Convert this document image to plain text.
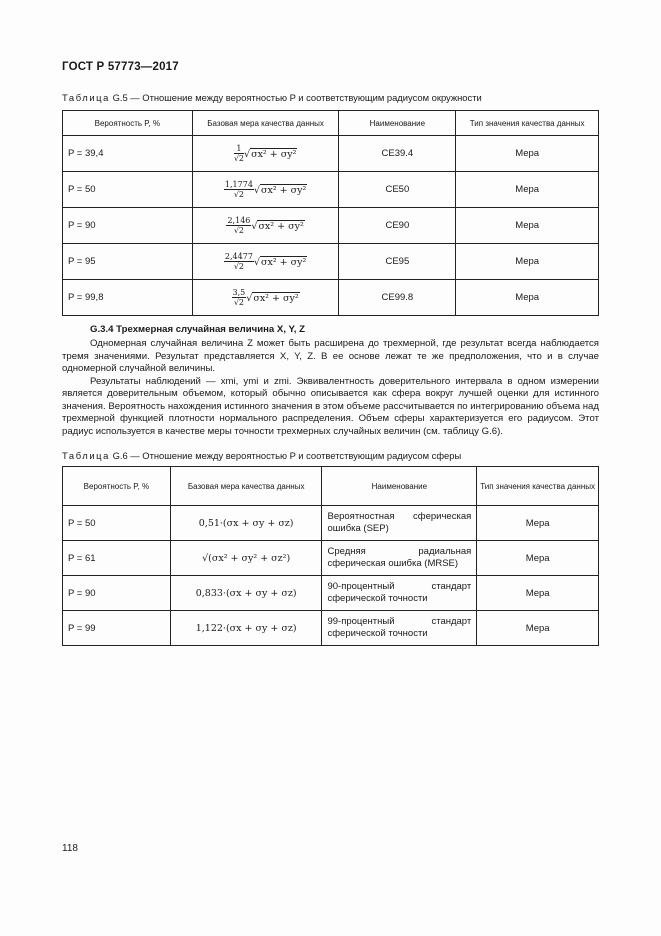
ГОСТ Р 57773—2017
Таблица G.5 — Отношение между вероятностью P и соответствующим радиусом окружности
Вероятность P, %	Базовая мера качества данных	Наименование	Тип значения качества данных
P = 39,4	$\frac{1}{√2} √\sigma x^2 + \sigma y^2$	CE39.4	Мера
P = 50	$\frac{1,1774}{√2} √\sigma x^2 + \sigma y^2$	CE50	Мера
P = 90	$\frac{2,146}{√2} √\sigma x^2 + \sigma y^2$	CE90	Мера
P = 95	$\frac{2,4477}{√2} √\sigma x^2 + \sigma y^2$	CE95	Мера
P = 99,8	$\frac{3,5}{√2} √\sigma x^2 + \sigma y^2$	CE99.8	Мера
G.3.4 Трехмерная случайная величина X, Y, Z

Одномерная случайная величина Z может быть расширена до трехмерной, где результат всегда наблюдается тремя значениями. Результат представляется X, Y, Z. В ее основе лежат те же предположения, что и в случае одномерной случайной величины.

Результаты наблюдений — xmi, ymi и zmi. Эквивалентность доверительного интервала в одном измерении является доверительным объемом, который обычно описывается как сфера вокруг лучшей оценки для истинного значения. Вероятность нахождения истинного значения в этом объеме рассчитывается по интегрированию объема над трехмерной функцией плотности нормального распределения. Объем сферы характеризуется его радиусом. Этот радиус используется в качестве меры точности трехмерных случайных величин (см. таблицу G.6).

Таблица G.6 — Отношение между вероятностью P и соответствующим радиусом сферы
Вероятность P, %	Базовая мера качества данных	Наименование	Тип значения качества данных
P = 50	0,51·(σx + σy + σz)	Вероятностная сферическая ошибка (SEP)	Мера
P = 61	√(σx² + σy² + σz²)	Средняя радиальная сферическая ошибка (MRSE)	Мера
P = 90	0,833·(σx + σy + σz)	90-процентный стандарт сферической точности	Мера
P = 99	1,122·(σx + σy + σz)	99-процентный стандарт сферической точности	Мера
118
